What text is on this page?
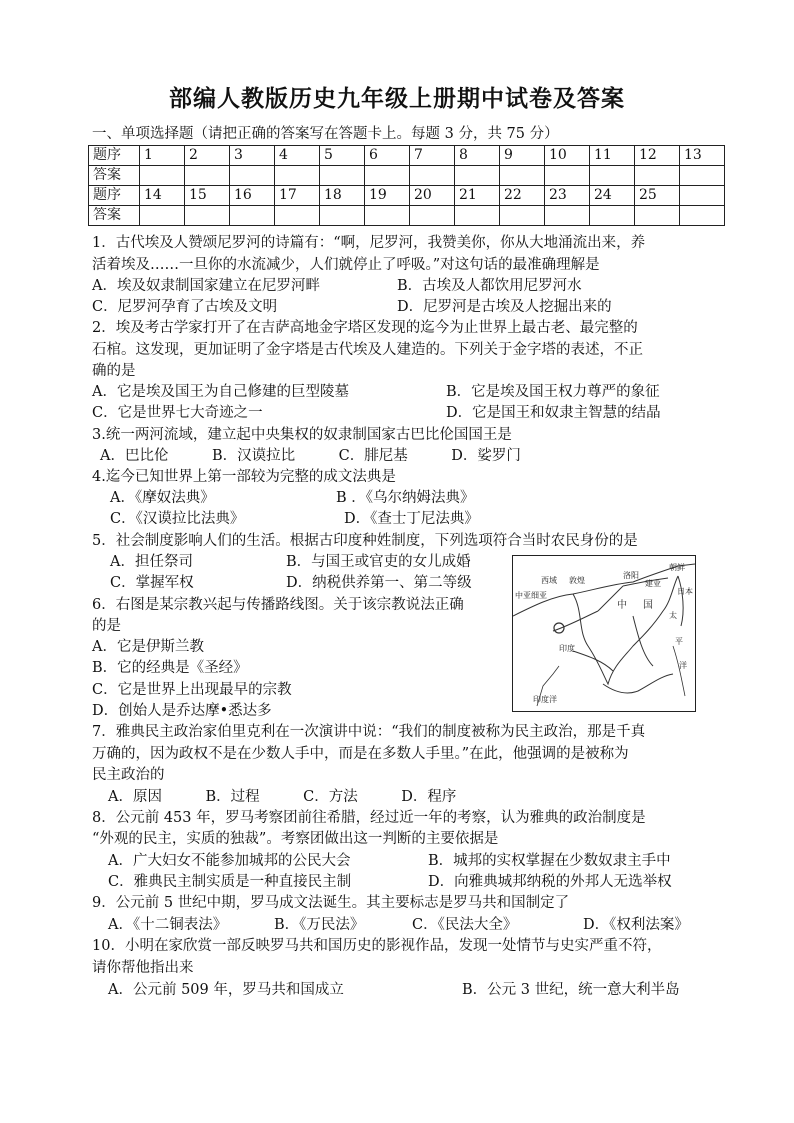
部编人教版历史九年级上册期中试卷及答案
一、单项选择题（请把正确的答案写在答题卡上。每题 3 分，共 75 分）
题序	1	2	3	4	5	6	7	8	9	10	11	12	13
答案													
题序	14	15	16	17	18	19	20	21	22	23	24	25	
答案													
1．古代埃及人赞颂尼罗河的诗篇有：“啊，尼罗河，我赞美你，你从大地涌流出来，养
活着埃及……一旦你的水流减少，人们就停止了呼吸。”对这句话的最准确理解是
A．埃及奴隶制国家建立在尼罗河畔	B．古埃及人都饮用尼罗河水
C．尼罗河孕育了古埃及文明	D．尼罗河是古埃及人挖掘出来的
2．埃及考古学家打开了在吉萨高地金字塔区发现的迄今为止世界上最古老、最完整的
石棺。这发现，更加证明了金字塔是古代埃及人建造的。下列关于金字塔的表述，不正
确的是
A．它是埃及国王为自己修建的巨型陵墓	B．它是埃及国王权力尊严的象征
C．它是世界七大奇迹之一	D．它是国王和奴隶主智慧的结晶
3.统一两河流域，建立起中央集权的奴隶制国家古巴比伦国国王是
A．巴比伦　　　B．汉谟拉比　　　C．腓尼基　　　D．娑罗门
4.迄今已知世界上第一部较为完整的成文法典是
A．《摩奴法典》	B ．《乌尔纳姆法典》
C．《汉谟拉比法典》	D．《查士丁尼法典》
5．社会制度影响人们的生活。根据古印度种姓制度，下列选项符合当时农民身份的是
A．担任祭司	B．与国王或官吏的女儿成婚
C．掌握军权	D．纳税供养第一、第二等级
中亚细亚
西域 敦煌
洛阳
朝鲜
日本
中 国
印度
建业
太
平
洋
印度洋
6．右图是某宗教兴起与传播路线图。关于该宗教说法正确
的是
A．它是伊斯兰教
B．它的经典是《圣经》
C．它是世界上出现最早的宗教
D．创始人是乔达摩•悉达多
7．雅典民主政治家伯里克利在一次演讲中说：“我们的制度被称为民主政治，那是千真
万确的，因为政权不是在少数人手中，而是在多数人手里。”在此，他强调的是被称为
民主政治的
A．原因　　　B．过程　　　C．方法　　　D．程序
8．公元前 453 年，罗马考察团前往希腊，经过近一年的考察，认为雅典的政治制度是
“外观的民主，实质的独裁”。考察团做出这一判断的主要依据是
A．广大妇女不能参加城邦的公民大会	B．城邦的实权掌握在少数奴隶主手中
C．雅典民主制实质是一种直接民主制	D．向雅典城邦纳税的外邦人无选举权
9．公元前 5 世纪中期，罗马成文法诞生。其主要标志是罗马共和国制定了
A．《十二铜表法》	B．《万民法》	C．《民法大全》	D．《权利法案》
10．小明在家欣赏一部反映罗马共和国历史的影视作品，发现一处情节与史实严重不符，
请你帮他指出来
A．公元前 509 年，罗马共和国成立	B．公元 3 世纪，统一意大利半岛
